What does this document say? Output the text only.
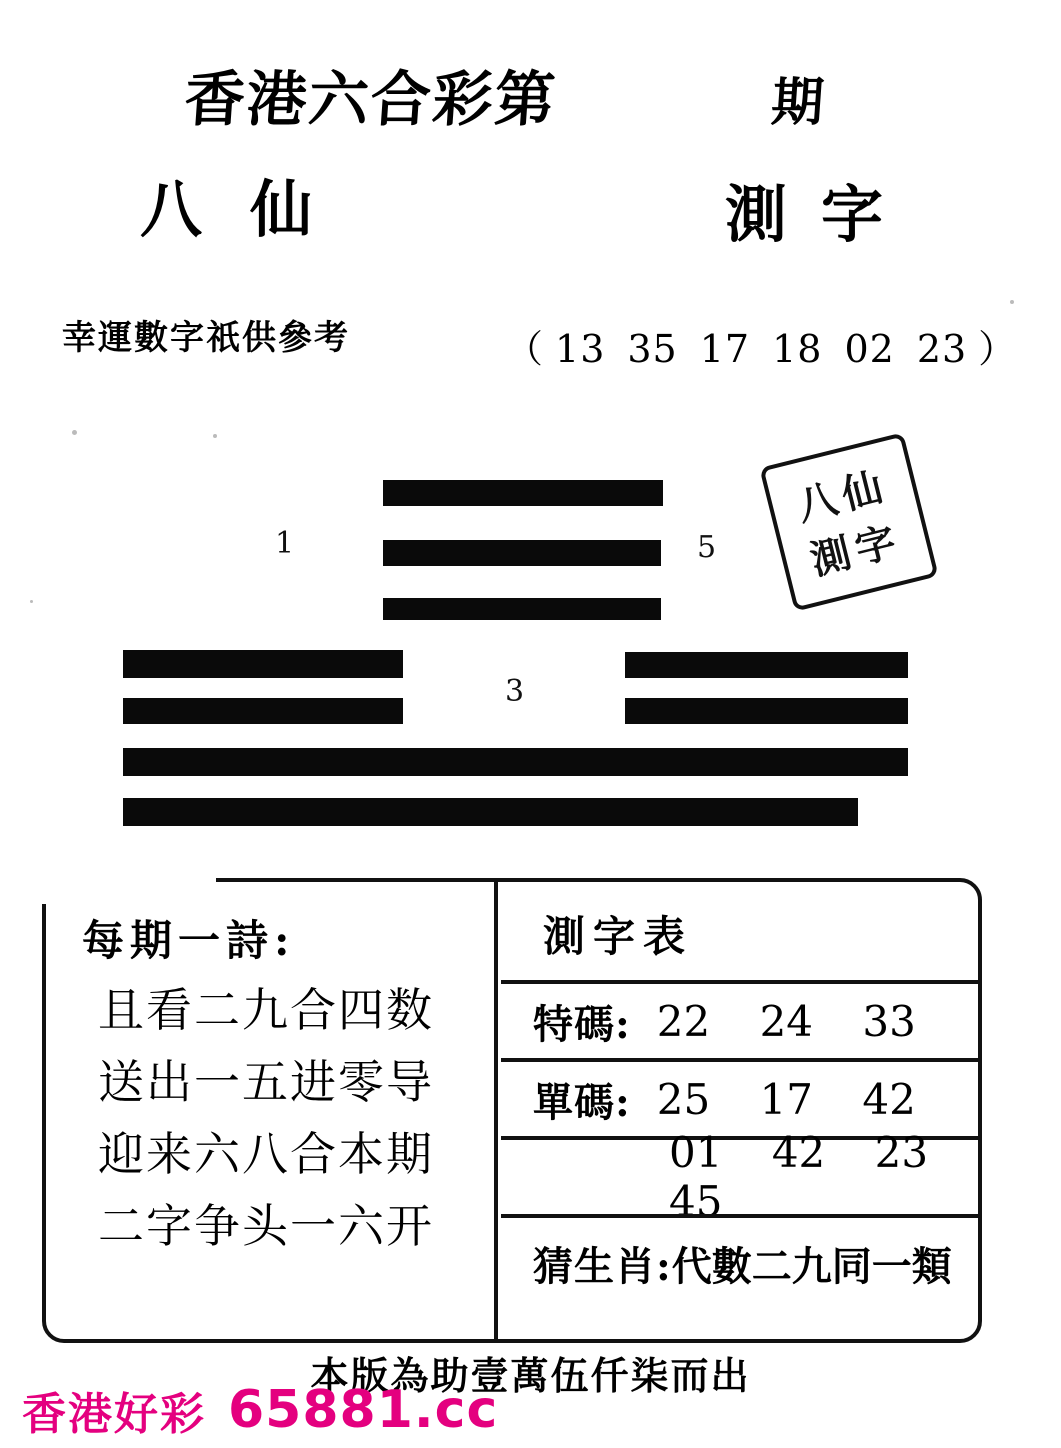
香港六合彩第	期
八仙	測字
幸運數字祇供參考	（ 13 35 17 18 02 23 ）
1	5
3
八仙
測字
每期一詩:
且看二九合四数
送出一五进零导
迎来六八合本期
二字争头一六开
測字表
特碼: 22 24 33
單碼: 25 17 42
01 42 23 45
猜生肖: 代數二九同一類
本版為助壹萬伍仟柒而出
香港好彩 65881.cc
